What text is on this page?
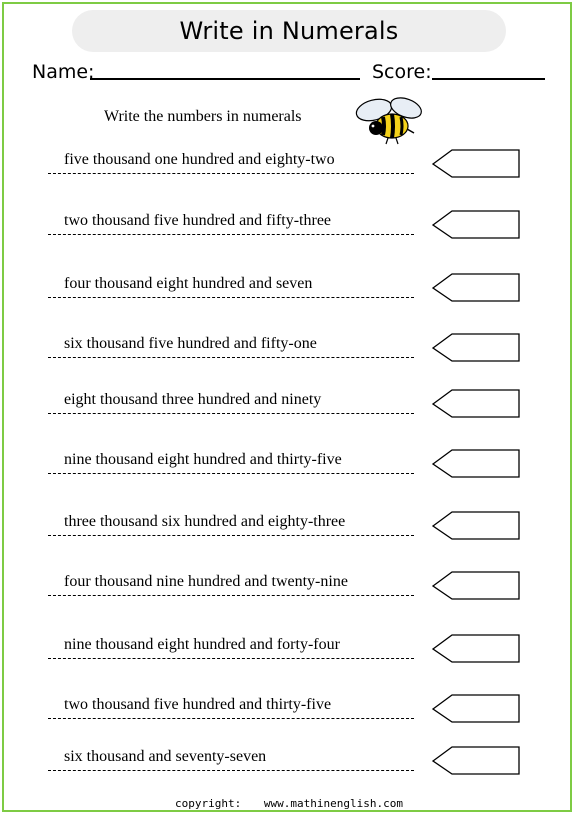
Write in Numerals
Name:	Score:
Write the numbers in numerals
five thousand one hundred and eighty-two
two thousand five hundred and fifty-three
four thousand eight hundred and seven
six thousand five hundred and fifty-one
eight thousand three hundred and ninety
nine thousand eight hundred and thirty-five
three thousand six hundred and eighty-three
four thousand nine hundred and twenty-nine
nine thousand eight hundred and forty-four
two thousand five hundred and thirty-five
six thousand and seventy-seven
copyright: www.mathinenglish.com
